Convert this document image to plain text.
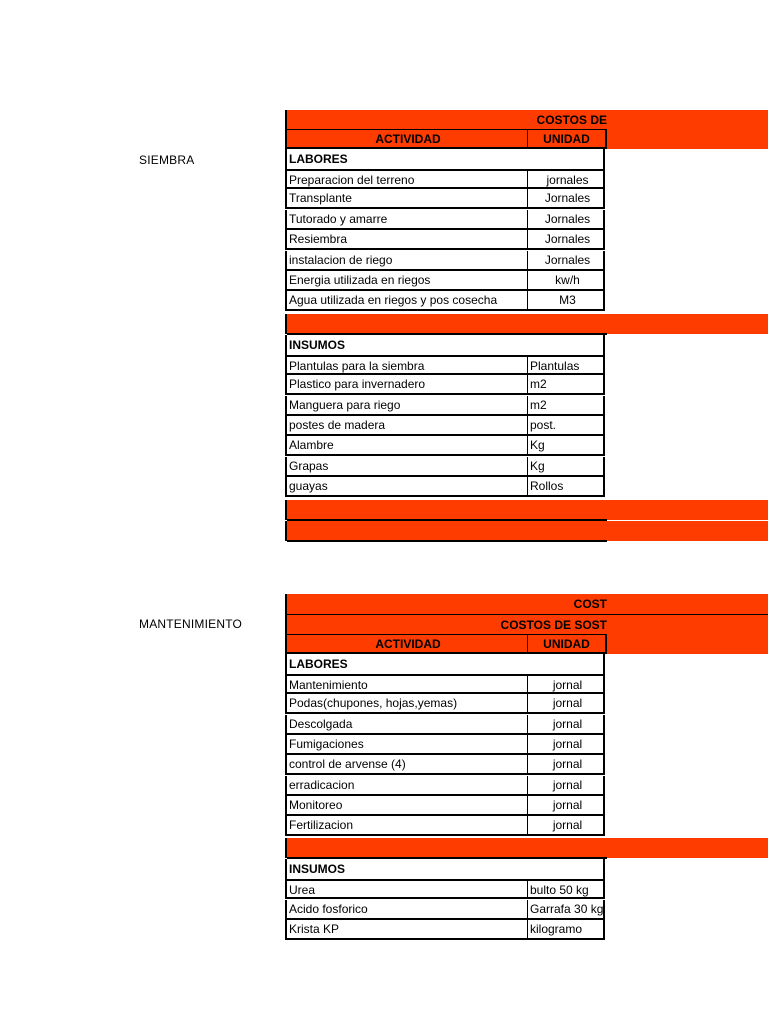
SIEMBRA
COSTOS DE
ACTIVIDAD	UNIDAD
LABORES
Preparacion del terreno	jornales
Transplante	Jornales
Tutorado y amarre	Jornales
Resiembra	Jornales
instalacion de riego	Jornales
Energia utilizada en riegos	kw/h
Agua utilizada en riegos y pos cosecha	M3
INSUMOS
Plantulas para la siembra	Plantulas
Plastico para invernadero	m2
Manguera para riego	m2
postes de madera	post.
Alambre	Kg
Grapas	Kg
guayas	Rollos
MANTENIMIENTO
COST
COSTOS DE SOST
ACTIVIDAD	UNIDAD
LABORES
Mantenimiento	jornal
Podas(chupones, hojas,yemas)	jornal
Descolgada	jornal
Fumigaciones	jornal
control de arvense (4)	jornal
erradicacion	jornal
Monitoreo	jornal
Fertilizacion	jornal
INSUMOS
Urea	bulto 50 kg
Acido fosforico	Garrafa 30 kg
Krista KP	kilogramo
